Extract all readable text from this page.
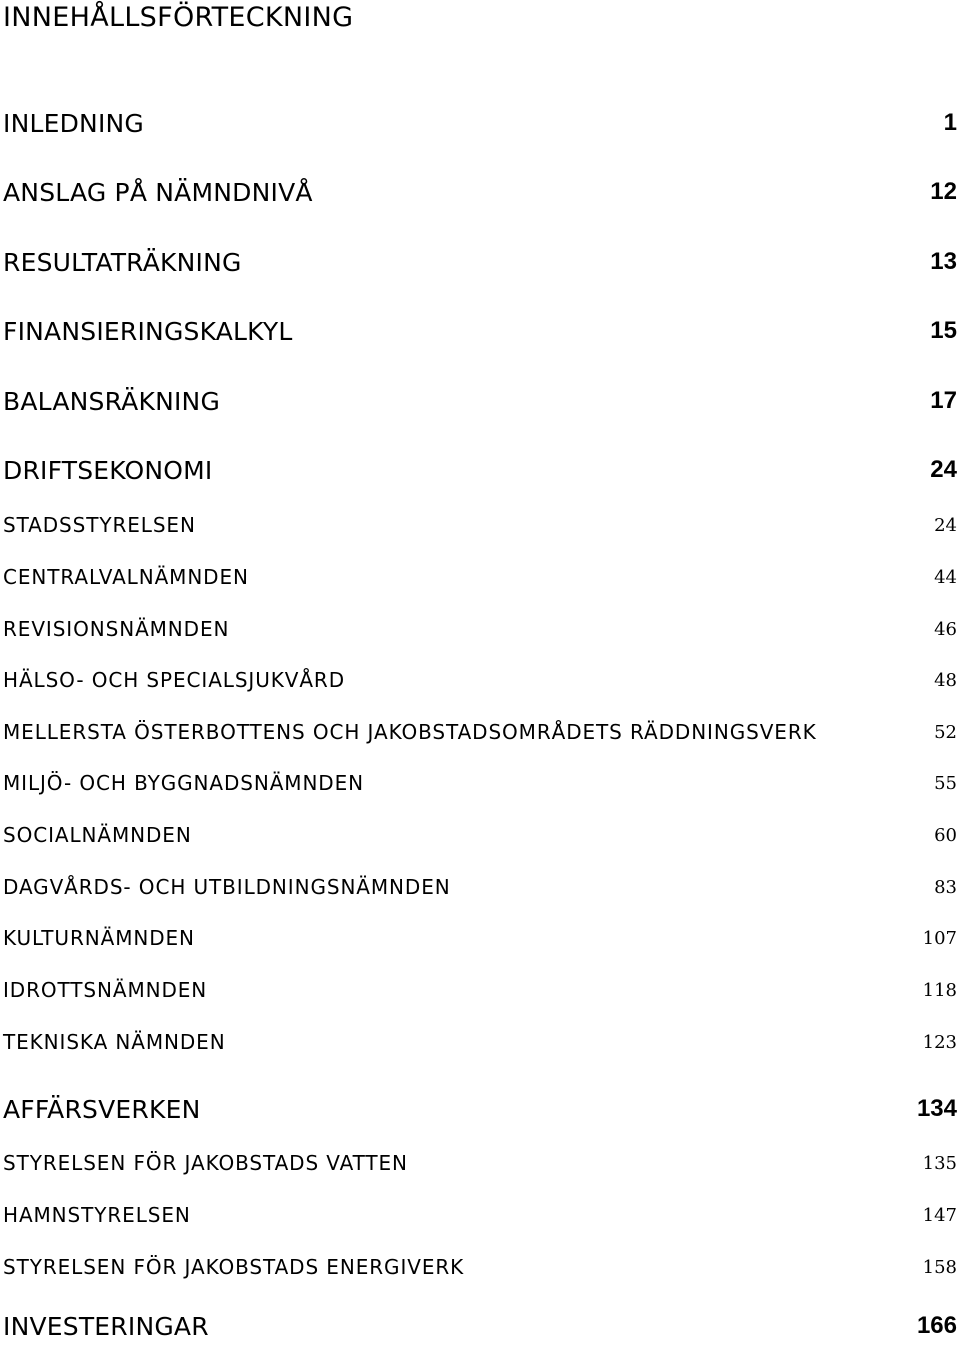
INNEHÅLLSFÖRTECKNING
INLEDNING	1
ANSLAG PÅ NÄMNDNIVÅ	12
RESULTATRÄKNING	13
FINANSIERINGSKALKYL	15
BALANSRÄKNING	17
DRIFTSEKONOMI	24
STADSSTYRELSEN	24
CENTRALVALNÄMNDEN	44
REVISIONSNÄMNDEN	46
HÄLSO- OCH SPECIALSJUKVÅRD	48
MELLERSTA ÖSTERBOTTENS OCH JAKOBSTADSOMRÅDETS RÄDDNINGSVERK	52
MILJÖ- OCH BYGGNADSNÄMNDEN	55
SOCIALNÄMNDEN	60
DAGVÅRDS- OCH UTBILDNINGSNÄMNDEN	83
KULTURNÄMNDEN	107
IDROTTSNÄMNDEN	118
TEKNISKA NÄMNDEN	123
AFFÄRSVERKEN	134
STYRELSEN FÖR JAKOBSTADS VATTEN	135
HAMNSTYRELSEN	147
STYRELSEN FÖR JAKOBSTADS ENERGIVERK	158
INVESTERINGAR	166
